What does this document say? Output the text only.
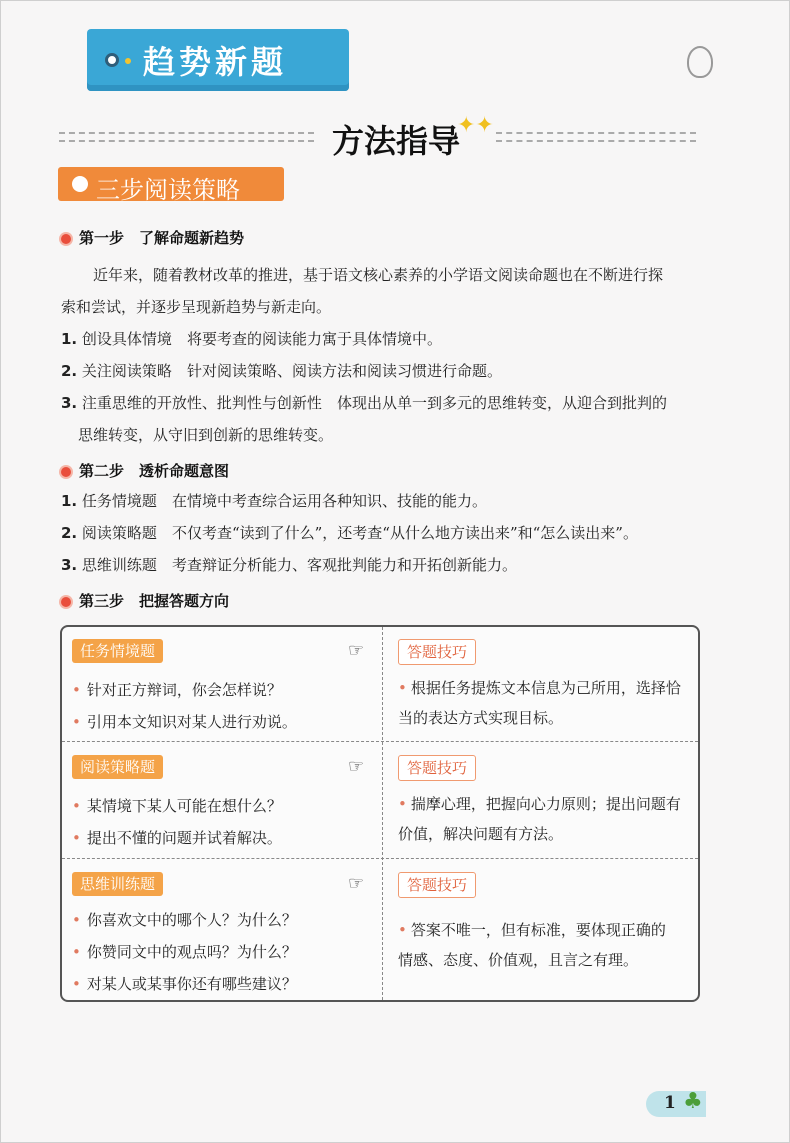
趋势新题
方法指导
✦✦
三步阅读策略
第一步　了解命题新趋势
近年来，随着教材改革的推进，基于语文核心素养的小学语文阅读命题也在不断进行探
索和尝试，并逐步呈现新趋势与新走向。
1. 创设具体情境　 将要考查的阅读能力寓于具体情境中。
2. 关注阅读策略　 针对阅读策略、阅读方法和阅读习惯进行命题。
3. 注重思维的开放性、批判性与创新性　 体现出从单一到多元的思维转变，从迎合到批判的
思维转变，从守旧到创新的思维转变。
第二步　透析命题意图
1. 任务情境题　 在情境中考查综合运用各种知识、技能的能力。
2. 阅读策略题　 不仅考查“读到了什么”，还考查“从什么地方读出来”和“怎么读出来”。
3. 思维训练题　 考查辩证分析能力、客观批判能力和开拓创新能力。
第三步　把握答题方向
任务情境题	☞
• 针对正方辩词，你会怎样说？
• 引用本文知识对某人进行劝说。
答题技巧
• 根据任务提炼文本信息为己所用，选择恰
当的表达方式实现目标。
阅读策略题	☞
• 某情境下某人可能在想什么？
• 提出不懂的问题并试着解决。
答题技巧
• 揣摩心理，把握向心力原则；提出问题有
价值，解决问题有方法。
思维训练题	☞
• 你喜欢文中的哪个人？为什么？
• 你赞同文中的观点吗？为什么？
• 对某人或某事你还有哪些建议？
答题技巧
• 答案不唯一，但有标准，要体现正确的
情感、态度、价值观，且言之有理。
1 ♣
